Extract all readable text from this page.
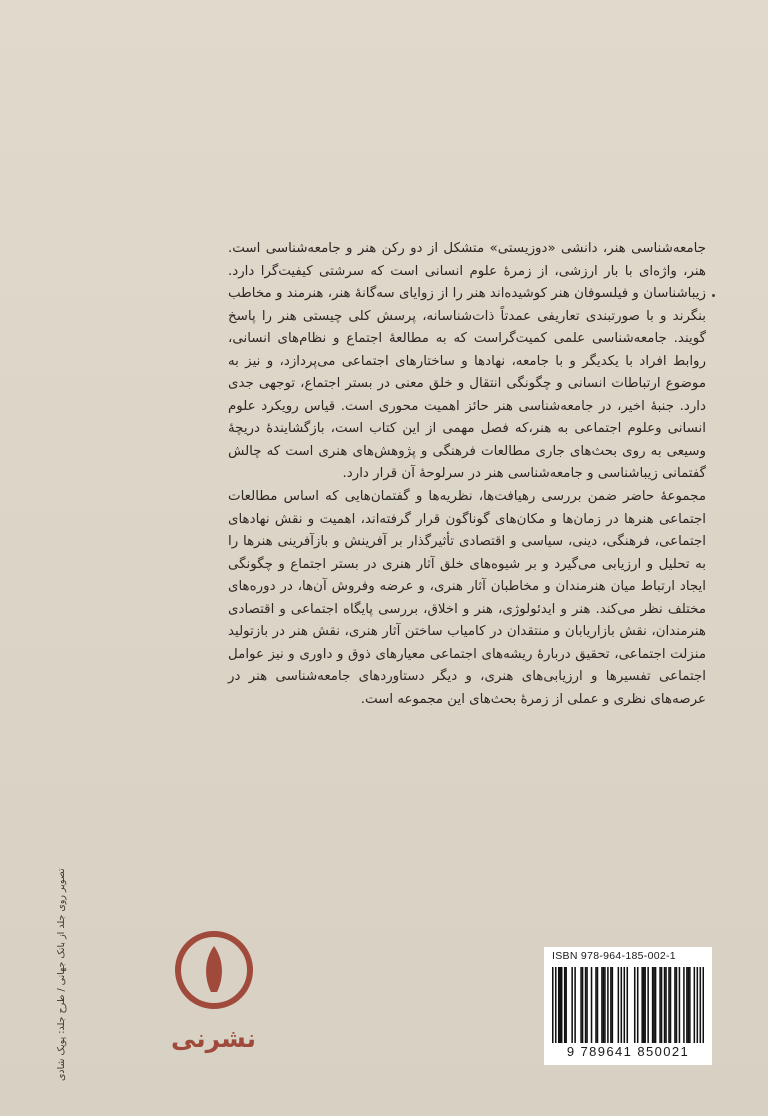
جامعه‌شناسی هنر، دانشی «دوزیستی» متشکل از دو رکن هنر و جامعه‌شناسی است. هنر، واژه‌ای با بار ارزشی، از زمرهٔ علوم انسانی است که سرشتی کیفیت‌گرا دارد. زیباشناسان و فیلسوفان هنر کوشیده‌اند هنر را از زوایای سه‌گانهٔ هنر، هنرمند و مخاطب بنگرند و با صورتبندی تعاریفی عمدتاً ذات‌شناسانه، پرسش کلی چیستی هنر را پاسخ گویند. جامعه‌شناسی علمی کمیت‌گراست که به مطالعهٔ اجتماع و نظام‌های انسانی، روابط افراد با یکدیگر و با جامعه، نهادها و ساختارهای اجتماعی می‌پردازد، و نیز به موضوع ارتباطات انسانی و چگونگی انتقال و خلق معنی در بستر اجتماع، توجهی جدی دارد. جنبهٔ اخیر، در جامعه‌شناسی هنر حائز اهمیت محوری است. قیاس رویکرد علوم انسانی وعلوم اجتماعی به هنر،که فصل مهمی از این کتاب است، بازگشایندهٔ دریچهٔ وسیعی به روی بحث‌های جاری مطالعات فرهنگی و پژوهش‌های هنری است که چالش گفتمانی زیباشناسی و جامعه‌شناسی هنر در سرلوحهٔ آن قرار دارد.

مجموعهٔ حاضر ضمن بررسی رهیافت‌ها، نظریه‌ها و گفتمان‌هایی که اساس مطالعات اجتماعی هنرها در زمان‌ها و مکان‌های گوناگون قرار گرفته‌اند، اهمیت و نقش نهادهای اجتماعی، فرهنگی، دینی، سیاسی و اقتصادی تأثیرگذار بر آفرینش و بازآفرینی هنرها را به تحلیل و ارزیابی می‌گیرد و بر شیوه‌های خلق آثار هنری در بستر اجتماع و چگونگی ایجاد ارتباط میان هنرمندان و مخاطبان آثار هنری، و عرضه وفروش آن‌ها، در دوره‌های مختلف نظر می‌کند. هنر و ایدئولوژی، هنر و اخلاق، بررسی پایگاه اجتماعی و اقتصادی هنرمندان، نقش بازاریابان و منتقدان در کامیاب ساختن آثار هنری، نقش هنر در بازتولید منزلت اجتماعی، تحقیق دربارهٔ ریشه‌های اجتماعی معیارهای ذوق و داوری و نیز عوامل اجتماعی تفسیرها و ارزیابی‌های هنری، و دیگر دستاوردهای جامعه‌شناسی هنر در عرصه‌های نظری و عملی از زمرهٔ بحث‌های این مجموعه است.

تصویر روی جلد از بانک جهانی / طرح جلد: پوپک شادی	نشرنی
ISBN 978-964-185-002-1
9 789641 850021
